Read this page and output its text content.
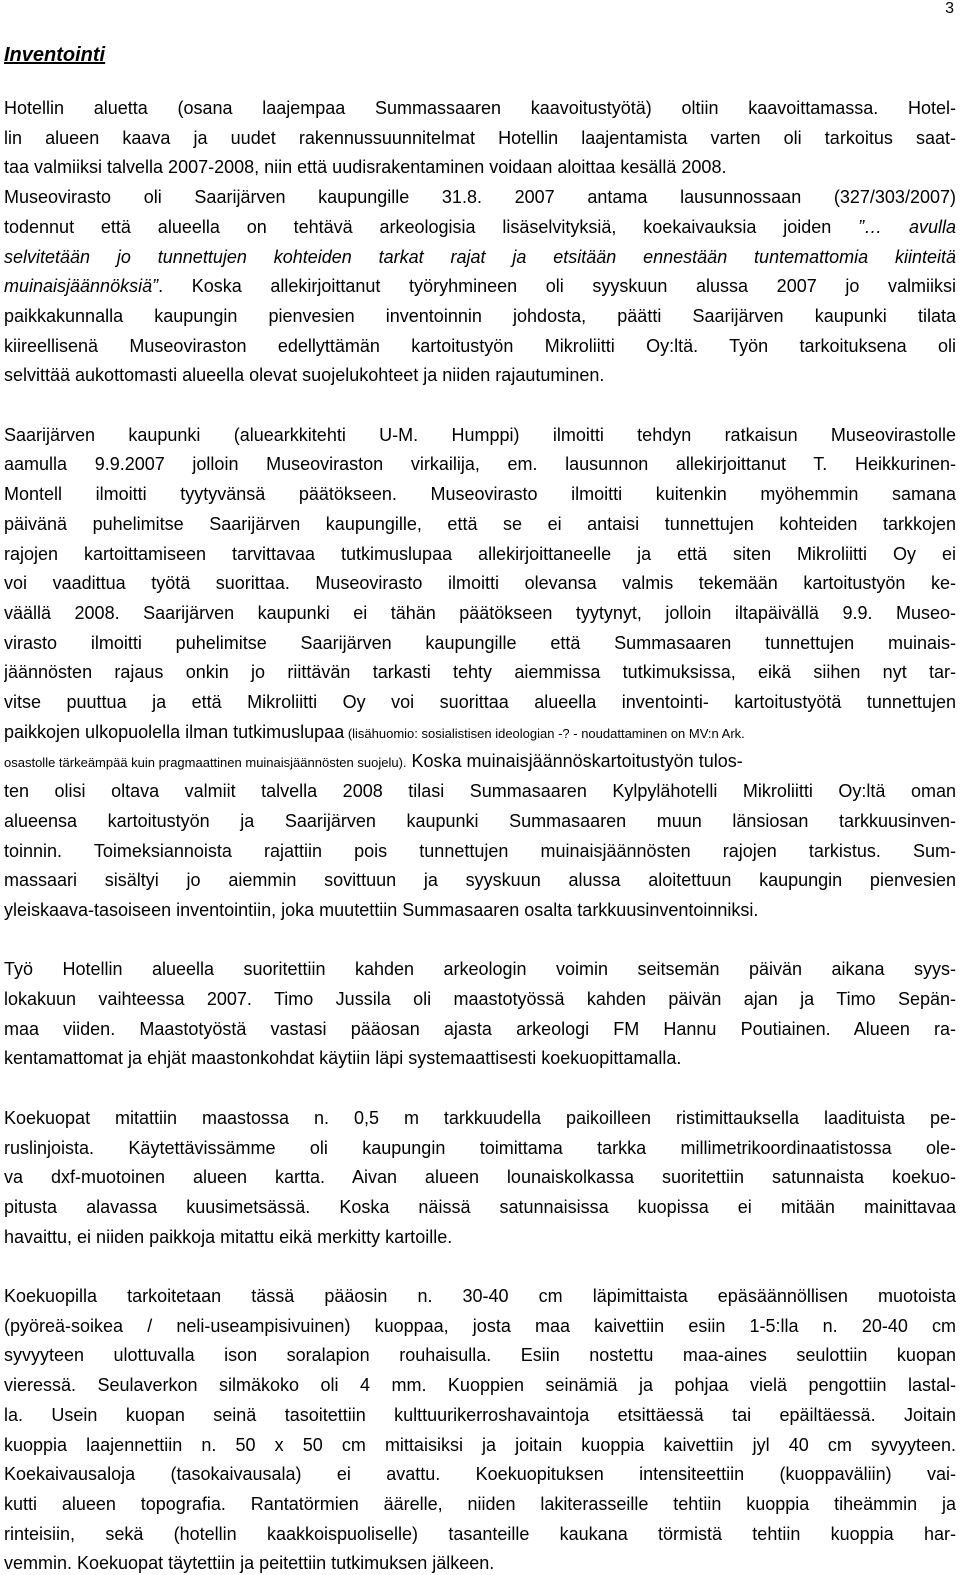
3
Inventointi
Hotellin aluetta (osana laajempaa Summassaaren kaavoitustyötä) oltiin kaavoittamassa. Hotel-
lin alueen kaava ja uudet rakennussuunnitelmat Hotellin laajentamista varten oli tarkoitus saat-
taa valmiiksi talvella 2007-2008, niin että uudisrakentaminen voidaan aloittaa kesällä 2008.
Museovirasto oli Saarijärven kaupungille 31.8. 2007 antama lausunnossaan (327/303/2007)
todennut että alueella on tehtävä arkeologisia lisäselvityksiä, koekaivauksia joiden ”… avulla
selvitetään jo tunnettujen kohteiden tarkat rajat ja etsitään ennestään tuntemattomia kiinteitä
muinaisjäännöksiä”. Koska allekirjoittanut työryhmineen oli syyskuun alussa 2007 jo valmiiksi
paikkakunnalla kaupungin pienvesien inventoinnin johdosta, päätti Saarijärven kaupunki tilata
kiireellisenä Museoviraston edellyttämän kartoitustyön Mikroliitti Oy:ltä. Työn tarkoituksena oli
selvittää aukottomasti alueella olevat suojelukohteet ja niiden rajautuminen.
Saarijärven kaupunki (aluearkkitehti U-M. Humppi) ilmoitti tehdyn ratkaisun Museovirastolle
aamulla 9.9.2007 jolloin Museoviraston virkailija, em. lausunnon allekirjoittanut T. Heikkurinen-
Montell ilmoitti tyytyvänsä päätökseen. Museovirasto ilmoitti kuitenkin myöhemmin samana
päivänä puhelimitse Saarijärven kaupungille, että se ei antaisi tunnettujen kohteiden tarkkojen
rajojen kartoittamiseen tarvittavaa tutkimuslupaa allekirjoittaneelle ja että siten Mikroliitti Oy ei
voi vaadittua työtä suorittaa. Museovirasto ilmoitti olevansa valmis tekemään kartoitustyön ke-
väällä 2008. Saarijärven kaupunki ei tähän päätökseen tyytynyt, jolloin iltapäivällä 9.9. Museo-
virasto ilmoitti puhelimitse Saarijärven kaupungille että Summasaaren tunnettujen muinais-
jäännösten rajaus onkin jo riittävän tarkasti tehty aiemmissa tutkimuksissa, eikä siihen nyt tar-
vitse puuttua ja että Mikroliitti Oy voi suorittaa alueella inventointi- kartoitustyötä tunnettujen
paikkojen ulkopuolella ilman tutkimuslupaa (lisähuomio: sosialistisen ideologian -? - noudattaminen on MV:n Ark.
osastolle tärkeämpää kuin pragmaattinen muinaisjäännösten suojelu). Koska muinaisjäännöskartoitustyön tulos-
ten olisi oltava valmiit talvella 2008 tilasi Summasaaren Kylpylähotelli Mikroliitti Oy:ltä oman
alueensa kartoitustyön ja Saarijärven kaupunki Summasaaren muun länsiosan tarkkuusinven-
toinnin. Toimeksiannoista rajattiin pois tunnettujen muinaisjäännösten rajojen tarkistus. Sum-
massaari sisältyi jo aiemmin sovittuun ja syyskuun alussa aloitettuun kaupungin pienvesien
yleiskaava-tasoiseen inventointiin, joka muutettiin Summasaaren osalta tarkkuusinventoinniksi.
Työ Hotellin alueella suoritettiin kahden arkeologin voimin seitsemän päivän aikana syys-
lokakuun vaihteessa 2007. Timo Jussila oli maastotyössä kahden päivän ajan ja Timo Sepän-
maa viiden. Maastotyöstä vastasi pääosan ajasta arkeologi FM Hannu Poutiainen. Alueen ra-
kentamattomat ja ehjät maastonkohdat käytiin läpi systemaattisesti koekuopittamalla.
Koekuopat mitattiin maastossa n. 0,5 m tarkkuudella paikoilleen ristimittauksella laadituista pe-
ruslinjoista. Käytettävissämme oli kaupungin toimittama tarkka millimetrikoordinaatistossa ole-
va dxf-muotoinen alueen kartta. Aivan alueen lounaiskolkassa suoritettiin satunnaista koekuo-
pitusta alavassa kuusimetsässä. Koska näissä satunnaisissa kuopissa ei mitään mainittavaa
havaittu, ei niiden paikkoja mitattu eikä merkitty kartoille.
Koekuopilla tarkoitetaan tässä pääosin n. 30-40 cm läpimittaista epäsäännöllisen muotoista
(pyöreä-soikea / neli-useampisivuinen) kuoppaa, josta maa kaivettiin esiin 1-5:lla n. 20-40 cm
syvyyteen ulottuvalla ison soralapion rouhaisulla. Esiin nostettu maa-aines seulottiin kuopan
vieressä. Seulaverkon silmäkoko oli 4 mm. Kuoppien seinämiä ja pohjaa vielä pengottiin lastal-
la. Usein kuopan seinä tasoitettiin kulttuurikerroshavaintoja etsittäessä tai epäiltäessä. Joitain
kuoppia laajennettiin n. 50 x 50 cm mittaisiksi ja joitain kuoppia kaivettiin jyl 40 cm syvyyteen.
Koekaivausaloja (tasokaivausala) ei avattu. Koekuopituksen intensiteettiin (kuoppaväliin) vai-
kutti alueen topografia. Rantatörmien äärelle, niiden lakiterasseille tehtiin kuoppia tiheämmin ja
rinteisiin, sekä (hotellin kaakkoispuoliselle) tasanteille kaukana törmistä tehtiin kuoppia har-
vemmin. Koekuopat täytettiin ja peitettiin tutkimuksen jälkeen.
